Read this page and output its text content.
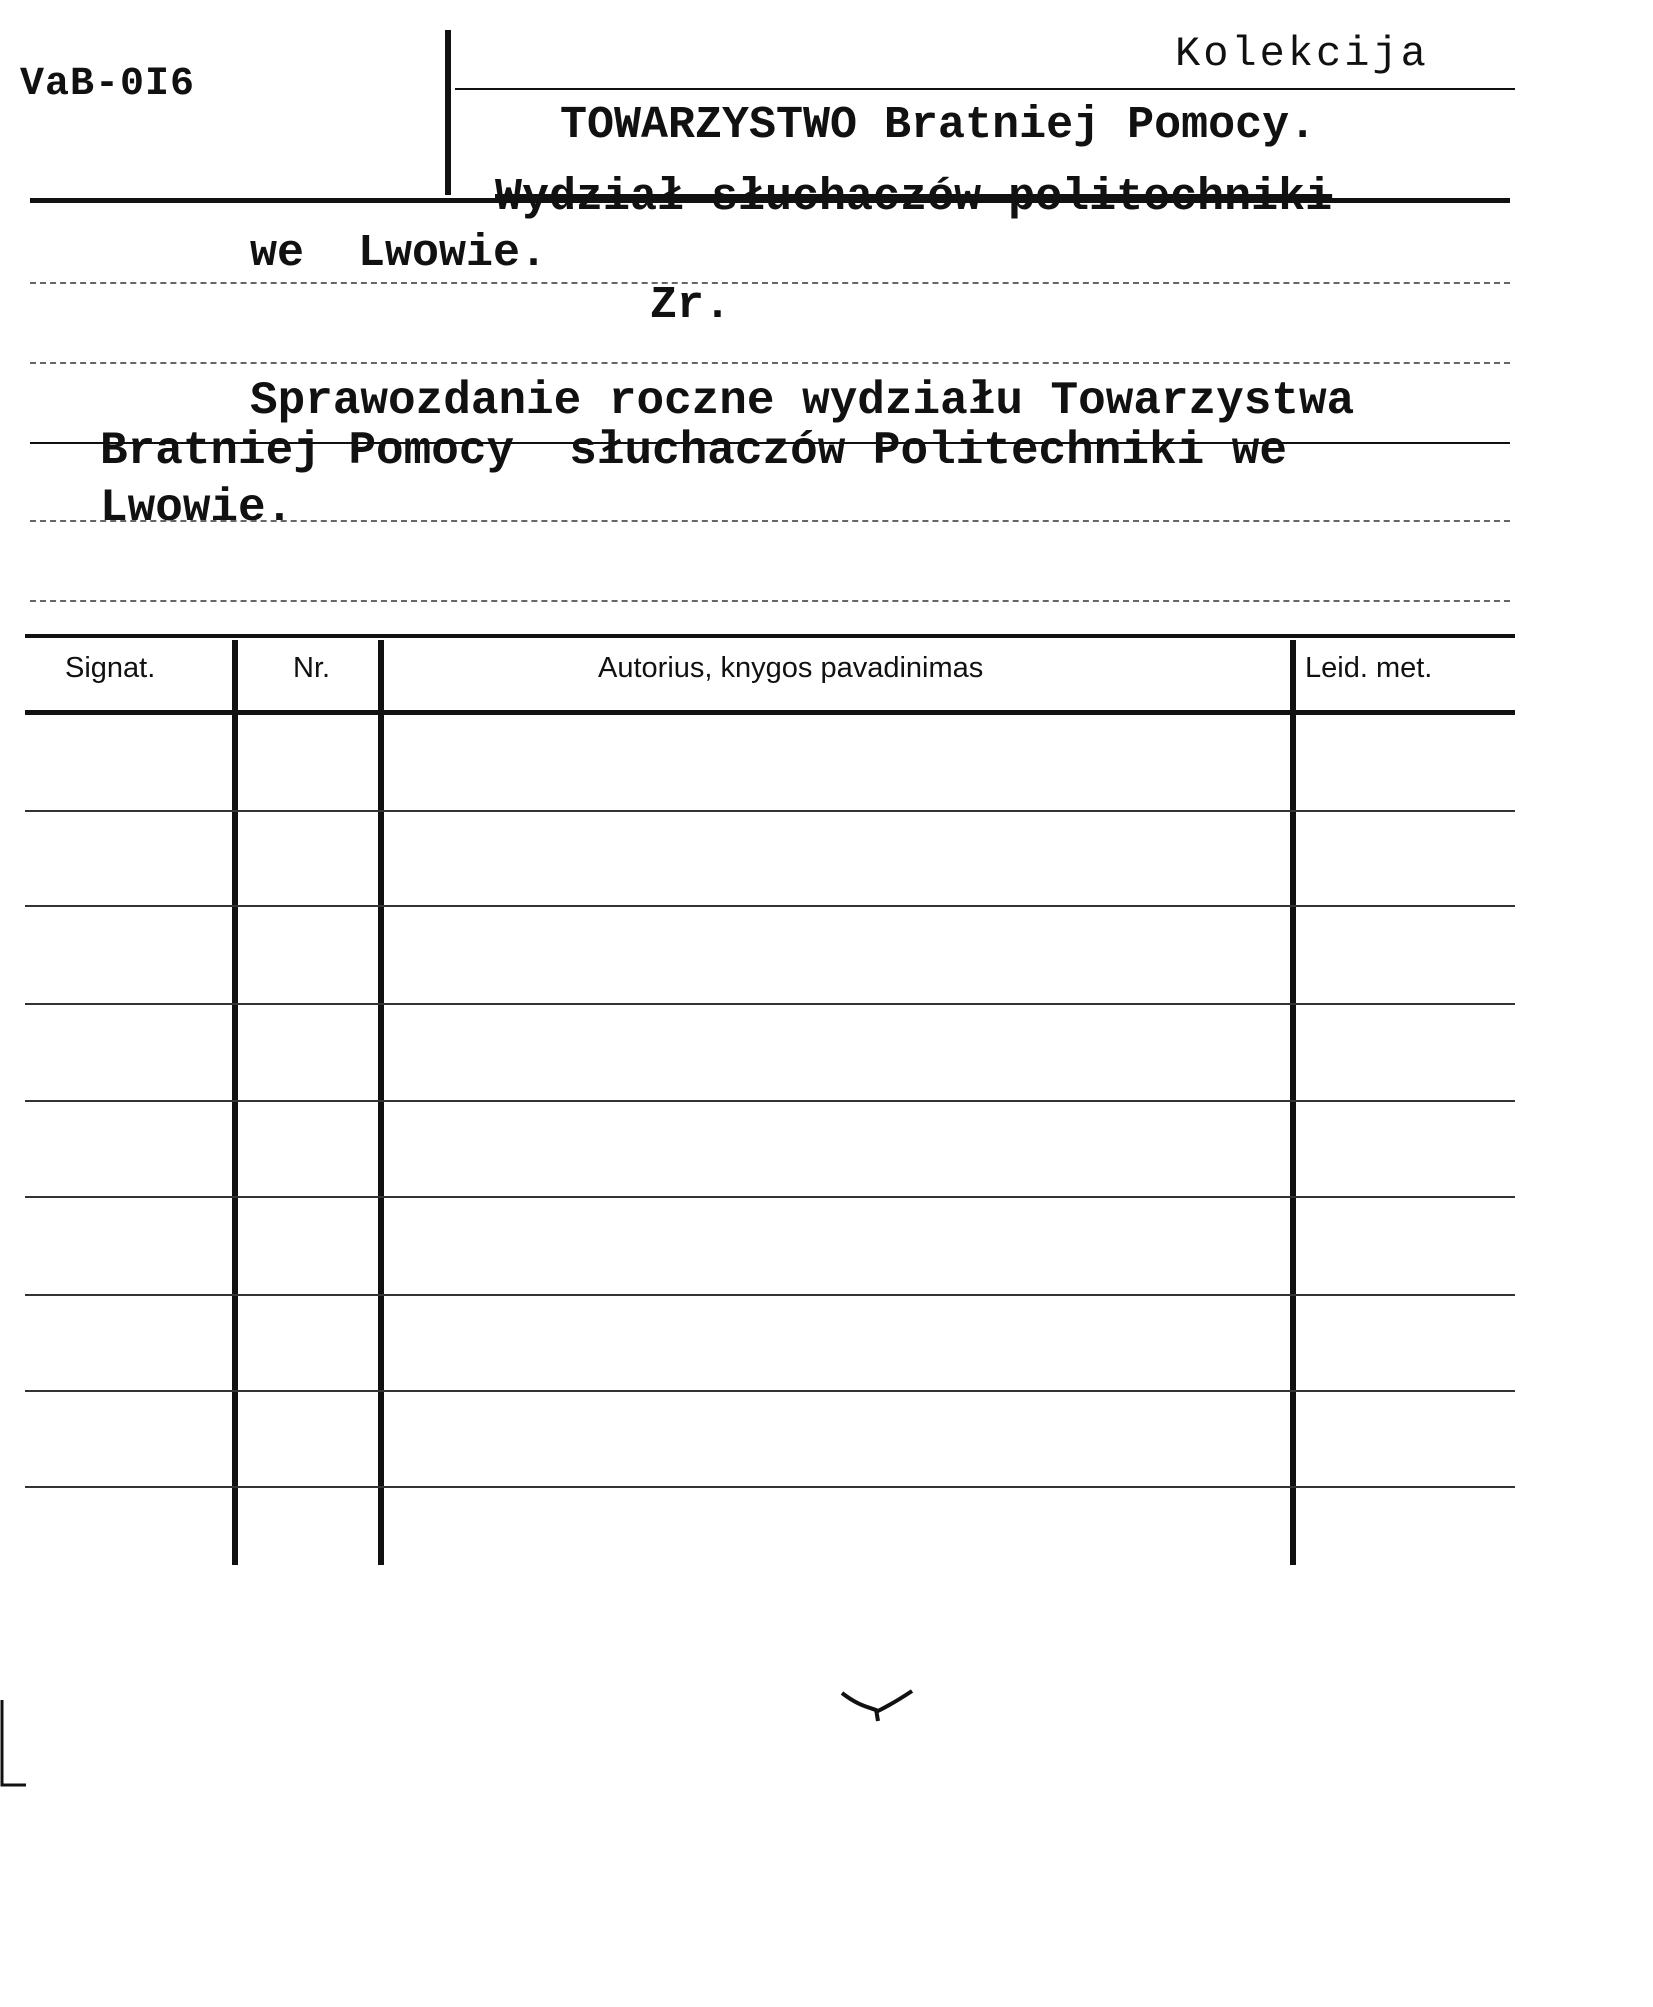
VaB-0I6

Kolekcija

TOWARZYSTWO Bratniej Pomocy.

Wydział słuchaczów politechniki

we  Lwowie.

Zr.

Sprawozdanie roczne wydziału Towarzystwa

Bratniej Pomocy  słuchaczów Politechniki we

Lwowie.

Signat.	Nr.	Autorius, knygos pavadinimas	Leid. met.
